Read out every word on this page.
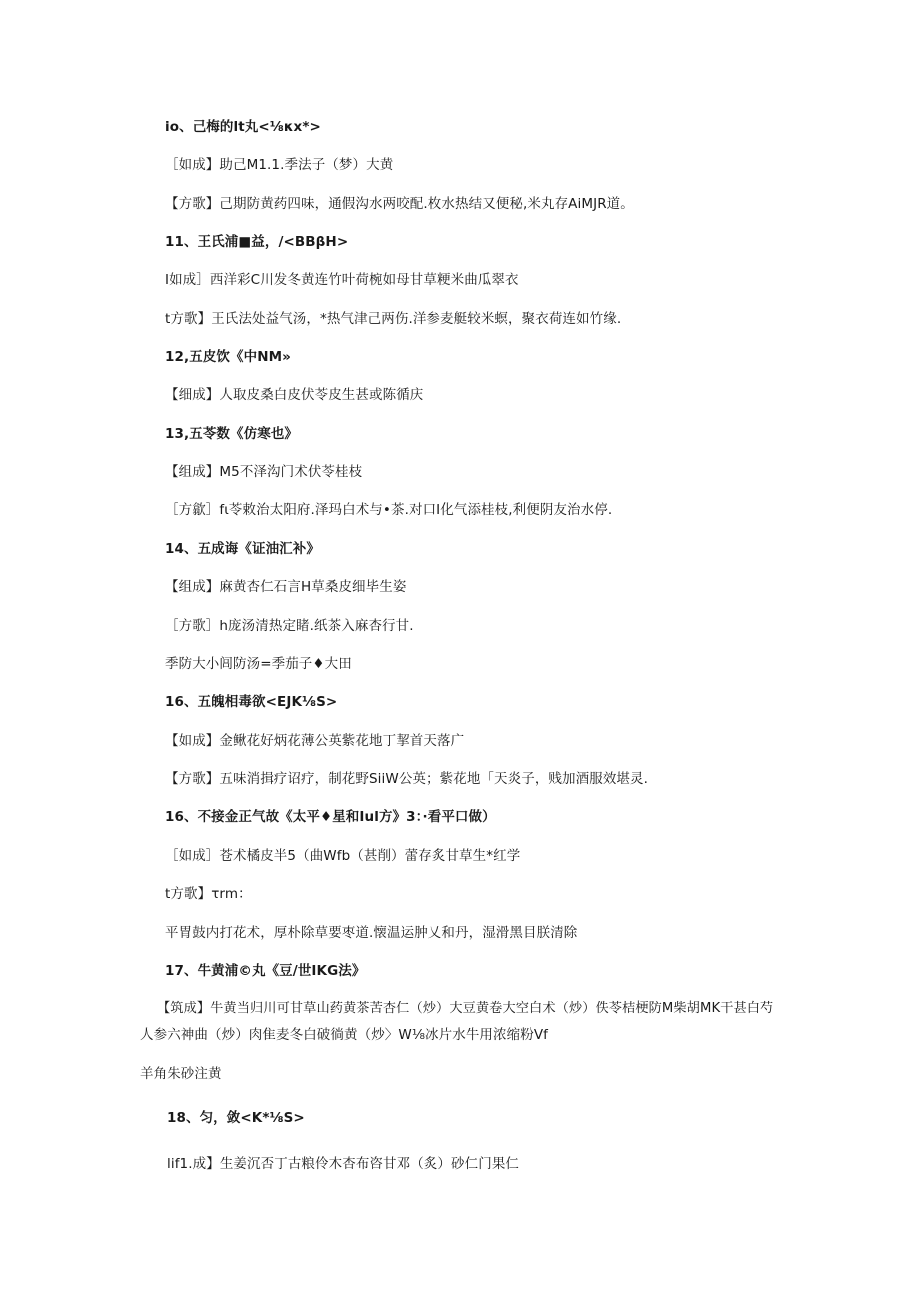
io、己梅的lt丸<⅛κx*>
［如成】助己M1.1.季法子（梦）大黄
【方歌】己期防黄药四味，通假沟水两咬配.枚水热结又便秘,米丸存AiMJR道。
11、王氏浦■益，/<BBβH>
I如成］西洋彩C川发冬黄连竹叶荷椀如母甘草粳米曲瓜翠衣
t方歌】王氏法处益气汤，*热气津己两伤.洋参麦艇较米螟，聚衣荷连如竹缘.
12,五皮饮《中NM»
【细成】人取皮桑白皮伏苓皮生甚或陈循庆
13,五苓数《仿寒也》
【组成】M5不泽沟门术伏苓桂枝
［方歙］fι苓敕治太阳府.泽玛白术与•茶.对口I化气添桂枝,利便阴友治水停.
14、五成诲《证油汇补》
【组成】麻黄杏仁石言H草桑皮细毕生姿
［方歌］h庞汤清热定睹.纸茶入麻杏行甘.
季防大小闾防汤=季茄子♦大田
16、五魄相毒欲<EJK⅛S>
【如成】金鳅花好炳花薄公英紫花地丁挈首天落广
【方歌】五味消揖疗诏疗，制花野SiiW公英；紫花地「天炎子，贱加酒服效堪灵.
16、不接金正气故《太平♦星和Iul方》3：·看平口做）
［如成］苍术橘皮半5（曲Wfb（甚削）蕾存炙甘草生*红学
t方歌】τrm：
平胃鼓内打花术，厚朴除草要枣道.懐温运肿乂和丹，湿滑黑目朕清除
17、牛黄浦©丸《豆/世IKG法》
【筑成】牛黄当归川可甘草山药黄茶苦杏仁（炒）大豆黄卷大空白术（炒）佚苓桔梗防M柴胡MK干甚白芍
人参六神曲（炒）肉隹麦冬白破徜黄（炒〉W⅛冰片水牛用浓缩粉Vf
羊角朱砂注黄
18、匀，敛<K*⅛S>
lif1.成】生姜沉否丁古粮伶木杏布咨甘邓（炙）砂仁门果仁
